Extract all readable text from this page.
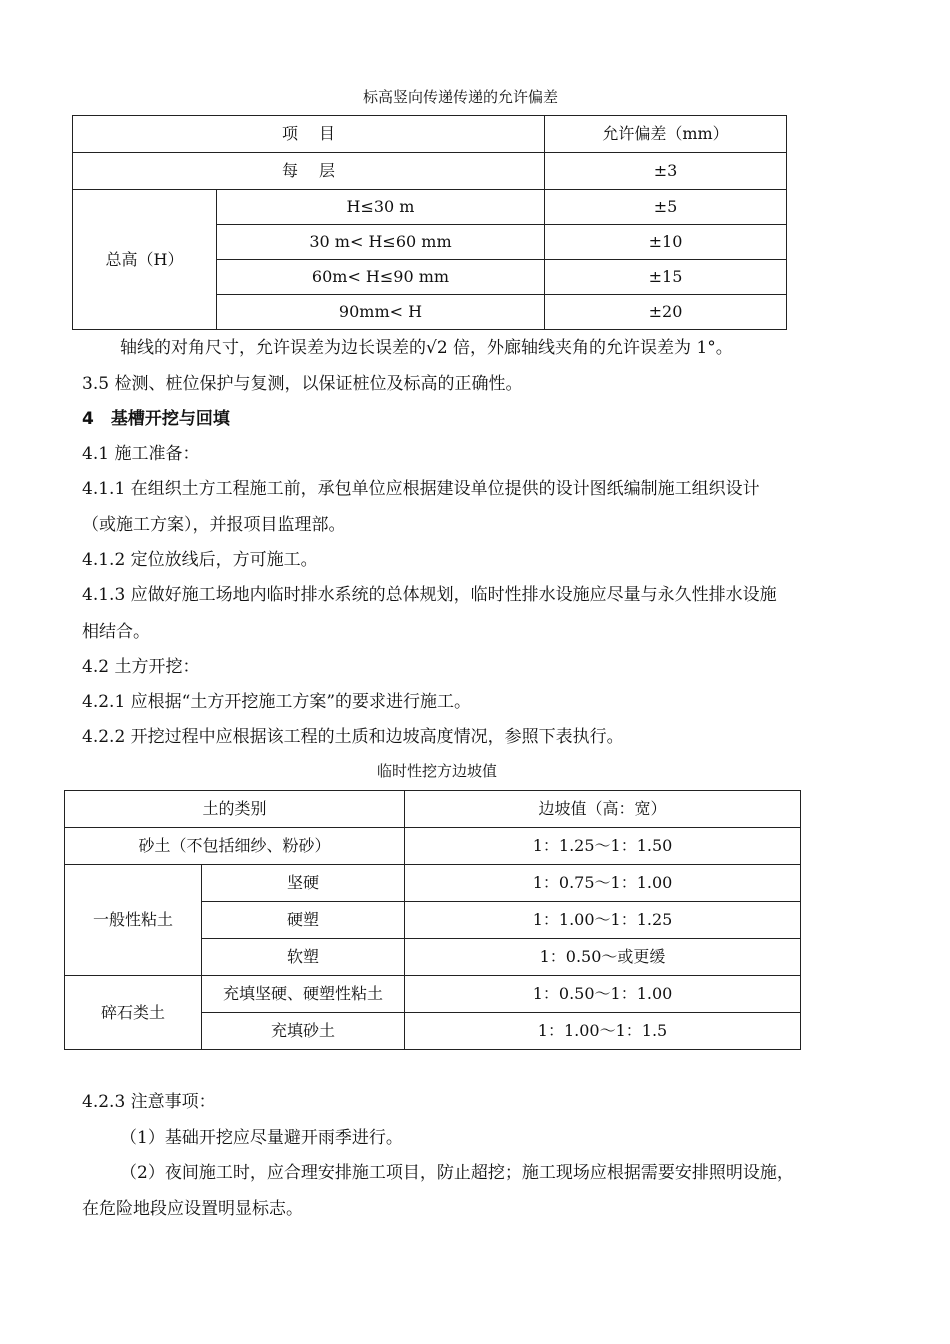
标高竖向传递传递的允许偏差
项　 目		允许偏差（mm）
每　 层		±3
总高（H）	H≤30 m	±5
	30 m< H≤60 mm	±10
	60m< H≤90 mm	±15
	90mm< H	±20
轴线的对角尺寸，允许误差为边长误差的√2 倍，外廊轴线夹角的允许误差为 1°。
3.5 检测、桩位保护与复测，以保证桩位及标高的正确性。
4　基槽开挖与回填
4.1 施工准备：
4.1.1 在组织土方工程施工前，承包单位应根据建设单位提供的设计图纸编制施工组织设计
（或施工方案），并报项目监理部。
4.1.2 定位放线后，方可施工。
4.1.3 应做好施工场地内临时排水系统的总体规划，临时性排水设施应尽量与永久性排水设施
相结合。
4.2 土方开挖：
4.2.1 应根据“土方开挖施工方案”的要求进行施工。
4.2.2 开挖过程中应根据该工程的土质和边坡高度情况，参照下表执行。
临时性挖方边坡值
土的类别		边坡值（高：宽）
砂土（不包括细纱、粉砂）		1：1.25～1：1.50
一般性粘土	坚硬	1：0.75～1：1.00
	硬塑	1：1.00～1：1.25
	软塑	1：0.50～或更缓
碎石类土	充填坚硬、硬塑性粘土	1：0.50～1：1.00
	充填砂土	1：1.00～1：1.5
4.2.3 注意事项：
（1）基础开挖应尽量避开雨季进行。
（2）夜间施工时，应合理安排施工项目，防止超挖；施工现场应根据需要安排照明设施，
在危险地段应设置明显标志。
